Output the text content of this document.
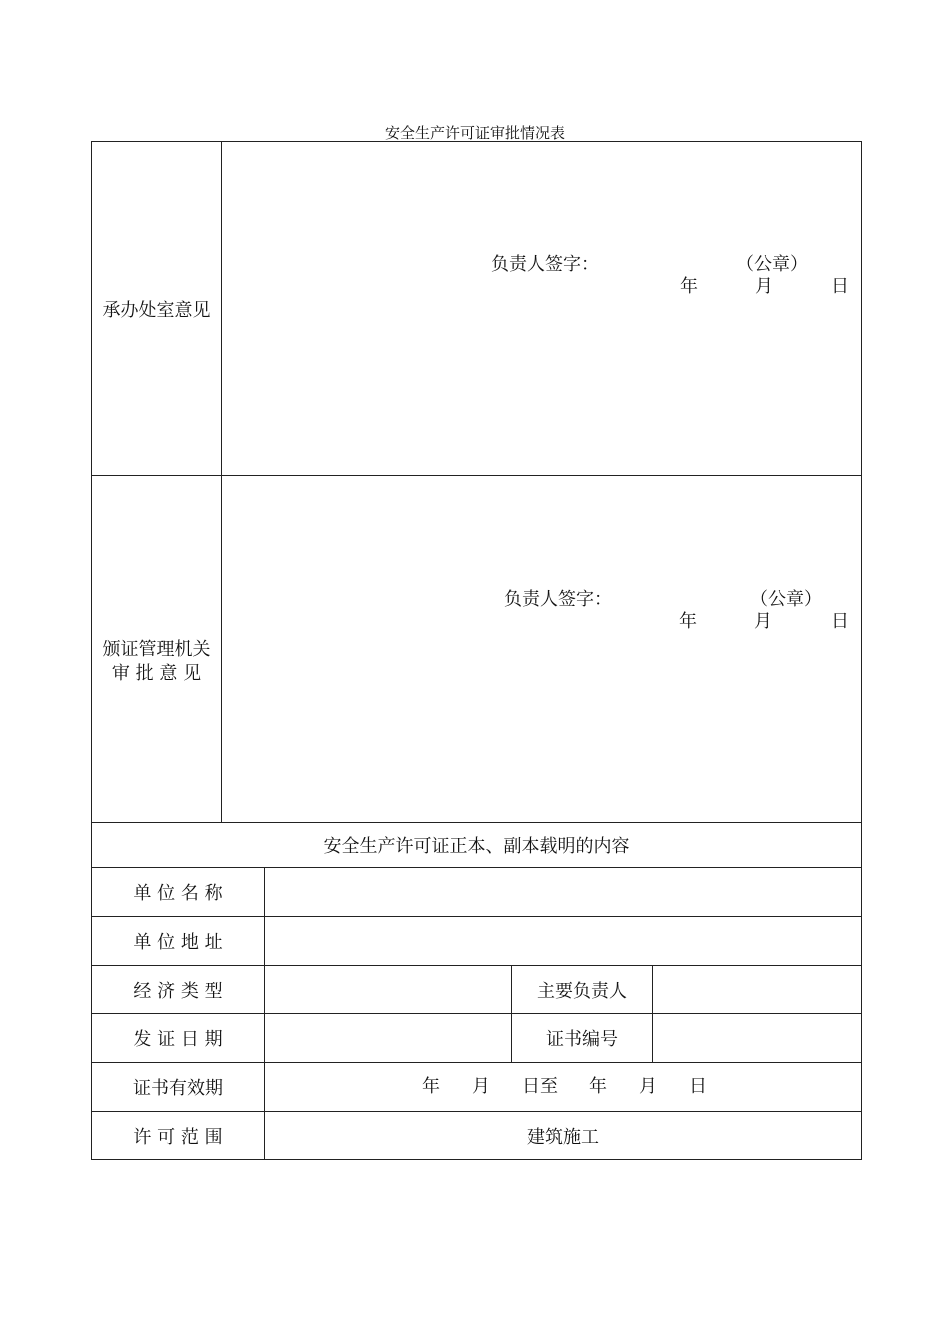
安全生产许可证审批情况表
承办处室意见
负责人签字：	（公章）
年	月	日
颁证管理机关
审 批 意 见
负责人签字：	（公章）
年	月	日
安全生产许可证正本、副本载明的内容
单 位 名 称
单 位 地 址
经 济 类 型	主要负责人
发 证 日 期	证书编号
证书有效期	年 月 日至 年 月 日
许 可 范 围	建筑施工
